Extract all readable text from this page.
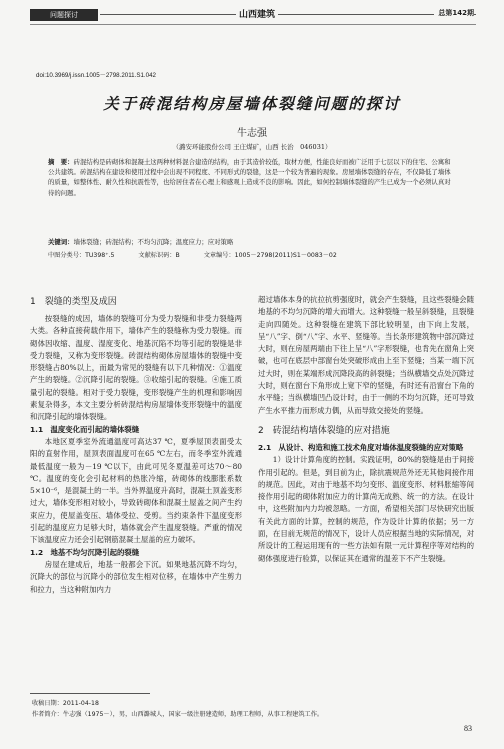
问题探讨	山西建筑	总第142期
doi:10.3969/j.issn.1005－2798.2011.S1.042
关于砖混结构房屋墙体裂缝问题的探讨
牛志强
（潞安环能股份公司 王庄煤矿，山西 长治　046031）
摘　要：砖混结构是砖砌体和混凝土这两种材料混合建造的结构，由于其造价较低，取材方便，性能良好而被广泛用于七层以下的住宅、公寓和公共建筑。砖混结构在建设和使用过程中会出现不同程度、不同形式的裂缝，这是一个较为普遍的现象。房屋墙体裂缝的存在，不仅降低了墙体的质量，如整体性、耐久性和抗震性等，也给居住者在心理上和感观上造成不良的影响。因此，如何控制墙体裂缝的产生已成为一个必须认真对待的问题。
关键词：墙体裂缝；砖混结构；不均匀沉降；温度应力；应对策略
中图分类号：TU398⁺.5	文献标识码：B	文章编号：1005－2798(2011)S1－0083－02
1　裂缝的类型及成因

按裂缝的成因，墙体的裂缝可分为受力裂缝和非受力裂缝两大类。各种直接荷载作用下，墙体产生的裂缝称为受力裂缝。而砌体因收缩、温度、湿度变化、地基沉陷不均等引起的裂缝是非受力裂缝，又称为变形裂缝。砖混结构砌体房屋墙体的裂缝中变形裂缝占80%以上，而最为常见的裂缝有以下几种情况：①温度产生的裂缝。②沉降引起的裂缝。③收缩引起的裂缝。④施工质量引起的裂缝。相对于受力裂缝，变形裂缝产生的机理和影响因素复杂得多，本文主要分析砖混结构房屋墙体变形裂缝中的温度和沉降引起的墙体裂缝。

1.1　温度变化而引起的墙体裂缝

本地区夏季室外流通温度可高达37 ℃，夏季屋顶表面受太阳的直射作用，屋顶表面温度可在65 ℃左右，而冬季室外流通最低温度一般为－19 ℃以下，由此可见冬夏温差可达70～80 ℃。温度的变化会引起材料的热胀冷缩，砖砌体的线膨胀系数5×10⁻⁶，是混凝土的一半。当外界温度升高时，混凝土顶盖变形过大，墙体变形相对较小，导致砖砌体和混凝土屋盖之间产生约束应力，使屋盖变压、墙体受拉、受剪。当约束条件下温度变形引起的温度应力足够大时，墙体就会产生温度裂缝。严重的情况下该温度应力还会引起钢筋混凝土屋盖的应力破坏。

1.2　地基不均匀沉降引起的裂缝

房屋在建成后，地基一般都会下沉。如果地基沉降不均匀，沉降大的部位与沉降小的部位发生相对位移，在墙体中产生剪力和拉力，当这种附加内力

超过墙体本身的抗拉抗剪强度时，就会产生裂缝，且这些裂缝会随地基的不均匀沉降的增大而增大。这种裂缝一般呈斜裂缝，且裂缝走向四随处。这种裂缝在建筑下部比较明显，由下向上发展，呈“八”字、倒“八”字、水平、竖缝等。当长条形建筑物中部沉降过大时，则在房屋两端由下往上呈“八”字形裂缝，也肯先在窗角上突破，也可在底层中部窗台处突破形成由上至下竖缝；当某一端下沉过大时，则在某端形成沉降段高的斜裂缝；当纵横墙交点处沉降过大时，则在窗台下角形成上宽下窄的竖缝，有时还有沿窗台下角的水平缝；当纵横墙凹凸设计时，由于一侧的不均匀沉降，还可导致产生水平推力而形成力偶，从而导致交接处的竖缝。

2　砖混结构墙体裂缝的应对措施
2.1　从设计、构造和施工技术角度对墙体温度裂缝的应对策略

1）设计计算角度的控制。实践证明，80%的裂缝是由于间接作用引起的。但是，到目前为止，除抗震规范外还无其他间接作用的规范。因此，对由于地基不均匀变形、温度变形、材料胀缩等间接作用引起的砌体附加应力的计算尚无成熟、统一的方法。在设计中，这些附加内力均被忽略。一方面，希望相关部门尽快研究出版有关此方面的计算，控制的规范，作为设计计算的依据；另一方面，在目前无规范的情况下，设计人员应根据当地的实际情况，对所设计的工程运用现有的一些方法如有限一元计算程序等对结构的砌体强度进行验算，以保证其在通常的温差下不产生裂缝。

收稿日期：2011-04-18
作者简介：牛志强（1975－），男，山西潞城人，国家一级注册建造师，助理工程师，从事工程建筑工作。
83
